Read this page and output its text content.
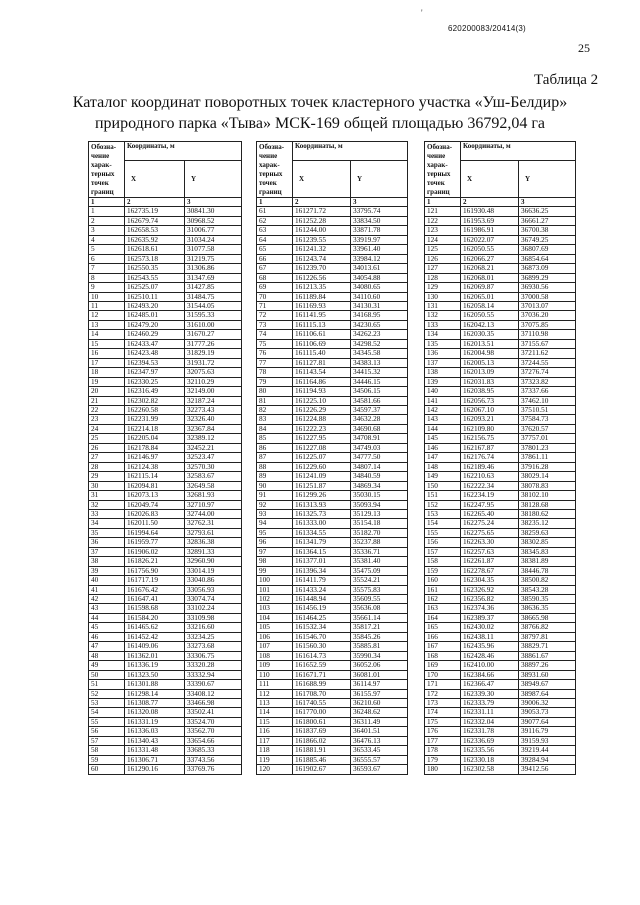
'
620200083/20414(3)
25
Таблица 2
Каталог координат поворотных точек кластерного участка «Уш-Белдир»
природного парка «Тыва» МСК-169 общей площадью 36792,04 га
Обозна-чение харак-терных точек границ	Координаты, м	
	X	Y
1	2	3
1	162735.19	30841.30
2	162679.74	30968.52
3	162658.53	31006.77
4	162635.92	31034.24
5	162618.61	31077.58
6	162573.18	31219.75
7	162550.35	31306.86
8	162543.55	31347.69
9	162525.07	31427.85
10	162510.11	31484.75
11	162493.20	31544.05
12	162485.01	31595.33
13	162479.20	31610.00
14	162460.29	31670.27
15	162433.47	31777.26
16	162423.48	31829.19
17	162394.53	31931.72
18	162347.97	32075.63
19	162330.25	32110.29
20	162316.49	32149.00
21	162302.82	32187.24
22	162260.58	32273.43
23	162231.99	32326.40
24	162214.18	32367.84
25	162205.04	32389.12
26	162178.84	32452.21
27	162146.97	32523.47
28	162124.38	32570.30
29	162115.14	32583.67
30	162094.81	32649.58
31	162073.13	32681.93
32	162049.74	32710.97
33	162026.83	32744.00
34	162011.50	32762.31
35	161994.64	32793.61
36	161959.77	32836.38
37	161906.02	32891.33
38	161826.21	32960.90
39	161756.90	33014.19
40	161717.19	33040.86
41	161676.42	33056.93
42	161647.41	33074.74
43	161598.68	33102.24
44	161584.20	33109.98
45	161465.62	33216.60
46	161452.42	33234.25
47	161409.06	33273.68
48	161362.01	33306.75
49	161336.19	33320.28
50	161323.50	33332.94
51	161301.88	33390.67
52	161298.14	33408.12
53	161308.77	33466.98
54	161320.08	33502.41
55	161331.19	33524.70
56	161336.03	33562.70
57	161340.43	33654.66
58	161331.48	33685.33
59	161306.71	33743.56
60	161290.16	33769.76
Обозна-чение харак-терных точек границ	Координаты, м	
	X	Y
1	2	3
61	161271.72	33795.74
62	161252.28	33834.50
63	161244.00	33871.78
64	161239.55	33919.97
65	161241.32	33961.40
66	161243.74	33984.12
67	161239.70	34013.61
68	161226.56	34054.88
69	161213.35	34080.65
70	161189.84	34110.60
71	161169.93	34130.31
72	161141.95	34168.95
73	161115.13	34230.65
74	161106.61	34262.23
75	161106.69	34298.52
76	161115.40	34345.58
77	161127.81	34383.13
78	161143.54	34415.32
79	161164.86	34446.15
80	161194.93	34506.15
81	161225.10	34581.66
82	161226.29	34597.37
83	161224.88	34632.28
84	161222.23	34690.68
85	161227.95	34708.91
86	161227.08	34749.03
87	161225.07	34777.50
88	161229.60	34807.14
89	161241.09	34840.59
90	161251.87	34869.34
91	161299.26	35030.15
92	161313.93	35093.94
93	161325.73	35129.13
94	161333.00	35154.18
95	161334.55	35182.70
96	161341.79	35237.88
97	161364.15	35336.71
98	161377.01	35381.40
99	161396.34	35475.09
100	161411.79	35524.21
101	161433.24	35575.83
102	161448.94	35609.55
103	161456.19	35636.08
104	161464.25	35661.14
105	161532.34	35817.21
106	161546.70	35845.26
107	161560.30	35885.81
108	161614.73	35990.34
109	161652.59	36052.06
110	161671.71	36081.01
111	161688.99	36114.97
112	161708.70	36155.97
113	161740.55	36210.60
114	161770.00	36248.62
115	161800.61	36311.49
116	161837.69	36401.51
117	161866.02	36476.13
118	161881.91	36533.45
119	161885.46	36555.57
120	161902.67	36593.67
Обозна-чение харак-терных точек границ	Координаты, м	
	X	Y
1	2	3
121	161930.48	36636.25
122	161953.69	36661.27
123	161986.91	36700.38
124	162022.07	36749.25
125	162050.55	36807.69
126	162066.27	36854.64
127	162068.21	36873.09
128	162068.01	36899.29
129	162069.87	36930.56
130	162065.01	37000.58
131	162058.14	37013.07
132	162050.55	37036.20
133	162042.13	37075.85
134	162030.35	37110.98
135	162013.51	37155.67
136	162004.98	37211.62
137	162005.13	37244.55
138	162013.09	37276.74
139	162031.83	37323.82
140	162038.95	37337.66
141	162056.73	37462.10
142	162067.10	37510.51
143	162093.21	37584.73
144	162109.80	37620.57
145	162156.75	37757.01
146	162167.87	37801.23
147	162176.74	37861.11
148	162189.46	37916.28
149	162210.63	38029.14
150	162222.34	38078.83
151	162234.19	38102.10
152	162247.95	38128.68
153	162265.40	38180.62
154	162275.24	38235.12
155	162275.65	38259.63
156	162263.30	38302.85
157	162257.63	38345.83
158	162261.87	38381.89
159	162278.67	38446.78
160	162304.35	38500.82
161	162326.92	38543.28
162	162356.82	38590.35
163	162374.36	38636.35
164	162389.37	38665.98
165	162430.02	38766.82
166	162438.11	38797.81
167	162435.96	38829.71
168	162428.46	38861.67
169	162410.00	38897.26
170	162384.66	38931.60
171	162366.47	38949.67
172	162339.30	38987.64
173	162333.79	39006.32
174	162331.11	39053.73
175	162332.04	39077.64
176	162331.78	39116.79
177	162336.69	39159.93
178	162335.56	39219.44
179	162330.18	39284.94
180	162302.58	39412.56
